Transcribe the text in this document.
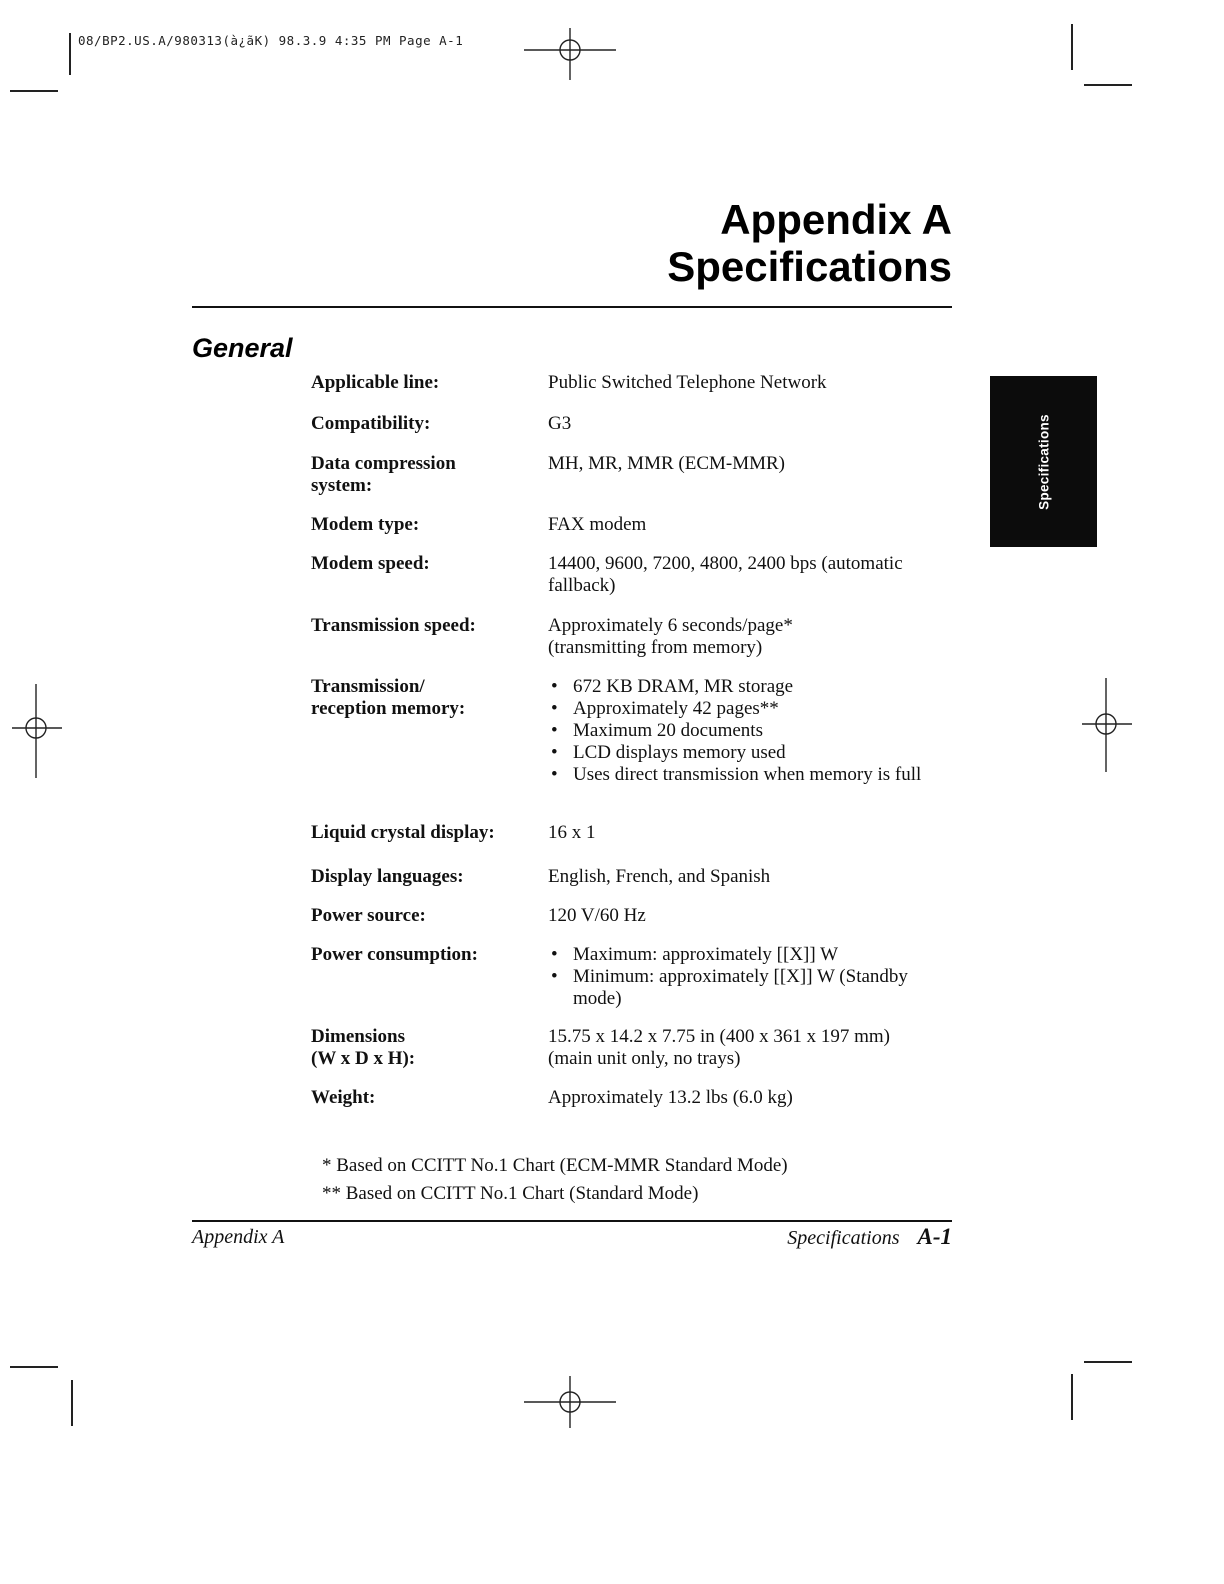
08/BP2.US.A/980313(à¿ãK) 98.3.9 4:35 PM Page A-1
Appendix A
Specifications
General
Specifications
Applicable line:	Public Switched Telephone Network
Compatibility:	G3
Data compression
system:
MH, MR, MMR (ECM-MMR)
Modem type:	FAX modem
Modem speed:	14400, 9600, 7200, 4800, 2400 bps (automatic
fallback)
Transmission speed:	Approximately 6 seconds/page*
(transmitting from memory)
Transmission/
reception memory:
• 672 KB DRAM, MR storage
• Approximately 42 pages**
• Maximum 20 documents
• LCD displays memory used
• Uses direct transmission when memory is full
Liquid crystal display:	16 x 1
Display languages:	English, French, and Spanish
Power source:	120 V/60 Hz
Power consumption:
•	Maximum: approximately [[X]] W
• Minimum: approximately [[X]] W (Standby mode)
Dimensions
(W x D x H):
15.75 x 14.2 x 7.75 in (400 x 361 x 197 mm)
(main unit only, no trays)
Weight:	Approximately 13.2 lbs (6.0 kg)
* Based on CCITT No.1 Chart (ECM-MMR Standard Mode)
** Based on CCITT No.1 Chart (Standard Mode)
Appendix A	Specifications A-1
